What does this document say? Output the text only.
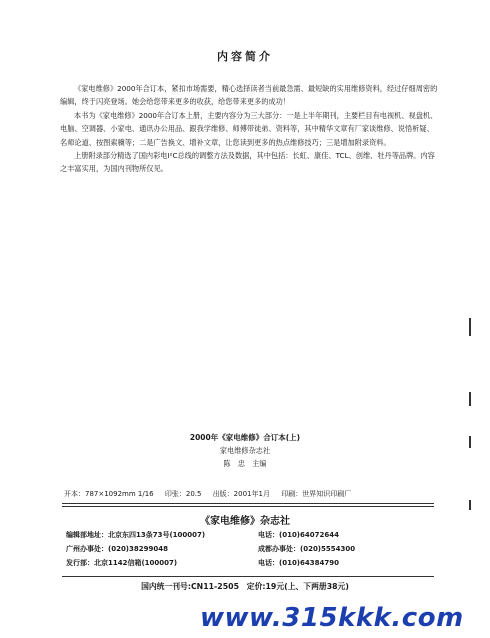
内容简介

《家电维修》2000年合订本，紧扣市场需要，精心选择读者当前最急需、最短缺的实用维修资料，经过仔细周密的编辑，终于闪亮登场。她会给您带来更多的收获，给您带来更多的成功！

本书为《家电维修》2000年合订本上册，主要内容分为三大部分：一是上半年期刊，主要栏目有电视机、视盘机、电脑、空调器、小家电、通讯办公用品、跟我学维修、师傅带徒弟、资料等，其中精华文章有厂家谈维修、说悟析疑、名师论道、按图索骥等；二是广告换文、增补文章，让您读到更多的热点维修技巧；三是增加附录资料。

上册附录部分精选了国内彩电I²C总线的调整方法及数据，其中包括：长虹、康佳、TCL、创维、牡丹等品牌。内容之丰富实用，为国内刊物所仅见。

2000年《家电维修》合订本(上)
家电维修杂志社
陈　忠　主编
开本：787×1092mm 1/16 印张：20.5 出版：2001年1月 印刷：世界知识印刷厂
《家电维修》杂志社
编辑部地址：北京东四13条73号(100007)	电话：(010)64072644
广州办事处：(020)38299048	成都办事处：(020)5554300
发行部：北京1142信箱(100007)	电话：(010)64384790
国内统一刊号:CN11-2505　定价:19元(上、下两册38元)
www.315kkk.com
